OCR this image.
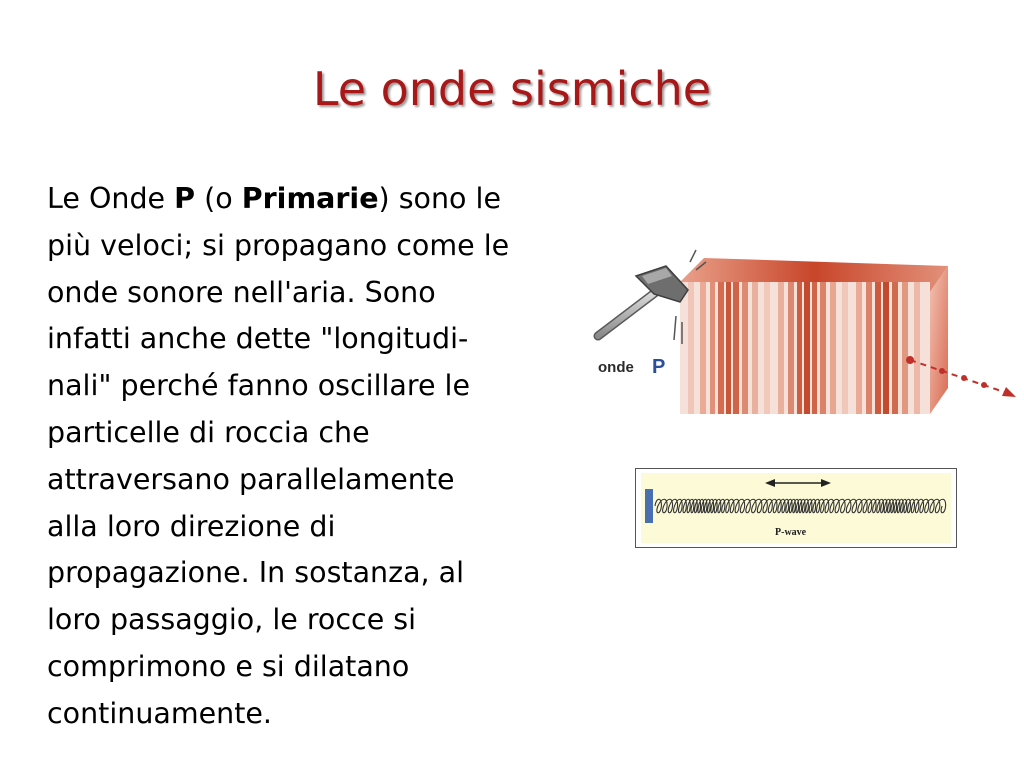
Le onde sismiche

Le Onde P (o Primarie) sono le
più veloci; si propagano come le
onde sonore nell'aria. Sono
infatti anche dette "longitudi-
nali" perché fanno oscillare le
particelle di roccia che
attraversano parallelamente
alla loro direzione di
propagazione. In sostanza, al
loro passaggio, le rocce si
comprimono e si dilatano
continuamente.

onde P
P-wave
